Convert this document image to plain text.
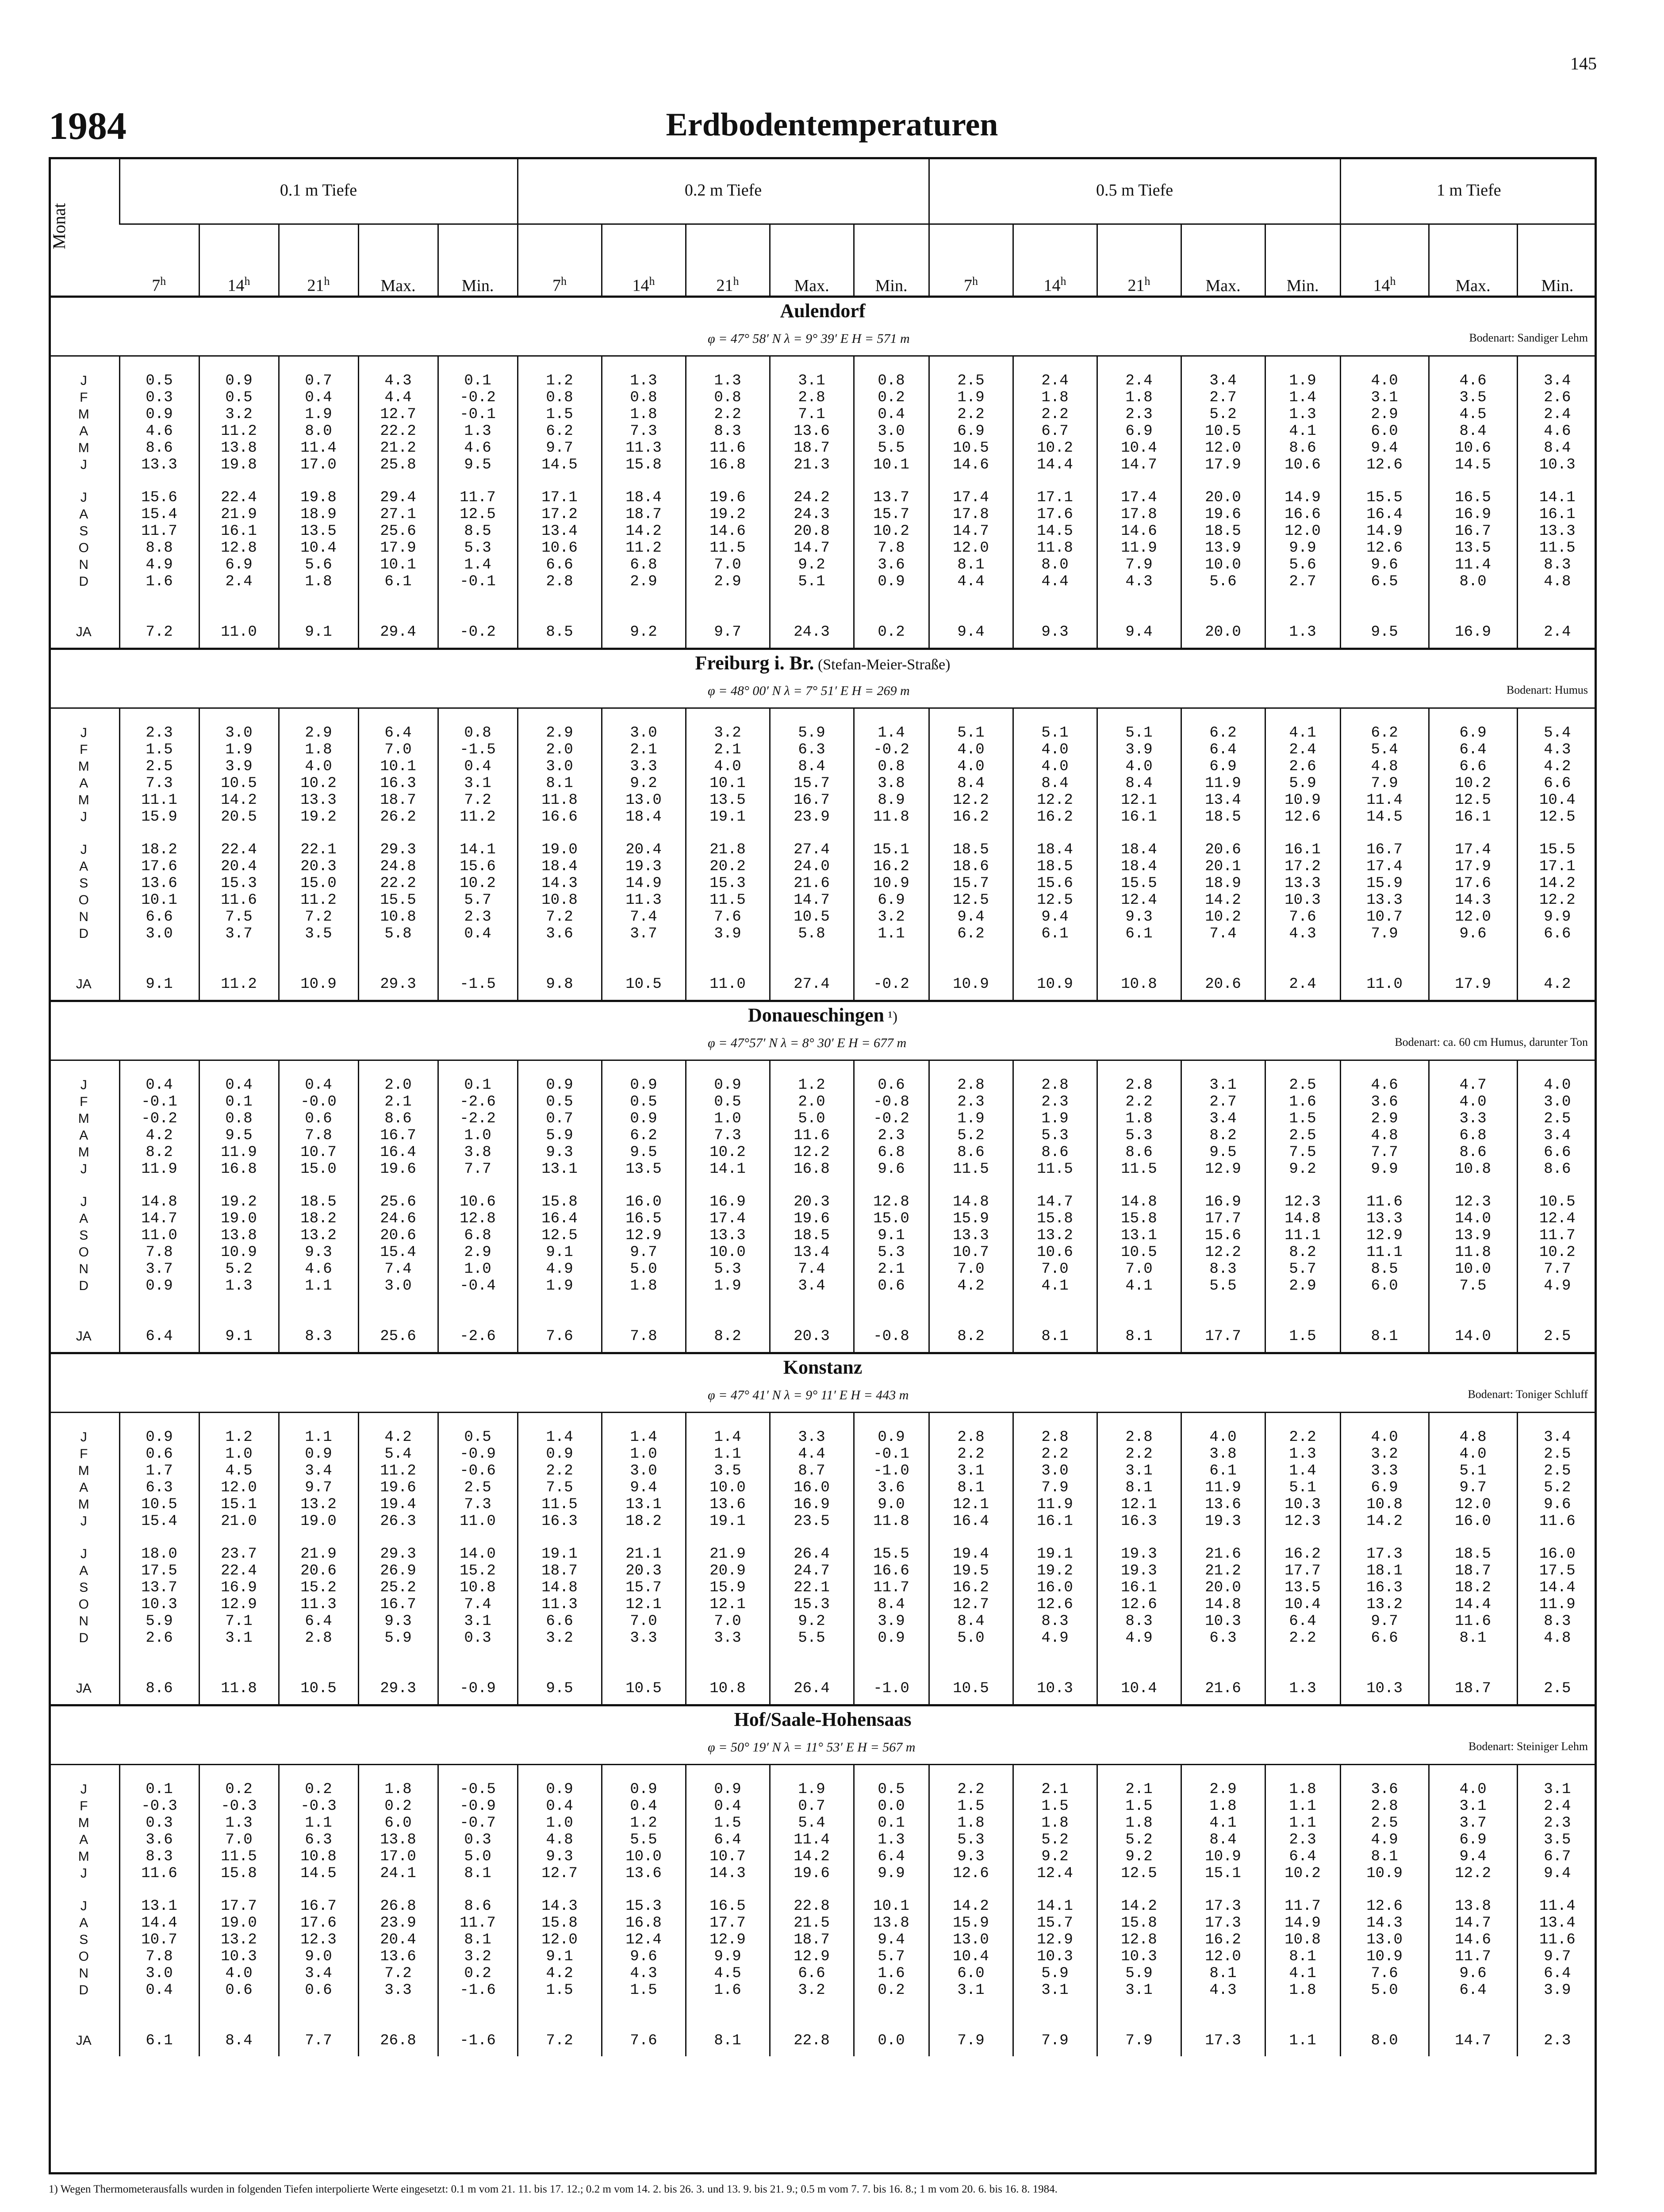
145
1984	Erdbodentemperaturen
Monat	0.1 m Tiefe					0.2 m Tiefe					0.5 m Tiefe					1 m Tiefe		
	7$^h$	14$^h$	21$^h$	Max.	Min.	7$^h$	14$^h$	21$^h$	Max.	Min.	7$^h$	14$^h$	21$^h$	Max.	Min.	14$^h$	Max.	Min.

Aulendorf
φ = 47° 58′ N λ = 9° 39′ E H = 571 m Bodenart: Sandiger Lehm																		

J	0.5	0.9	0.7	4.3	0.1	1.2	1.3	1.3	3.1	0.8	2.5	2.4	2.4	3.4	1.9	4.0	4.6	3.4
F	0.3	0.5	0.4	4.4	-0.2	0.8	0.8	0.8	2.8	0.2	1.9	1.8	1.8	2.7	1.4	3.1	3.5	2.6
M	0.9	3.2	1.9	12.7	-0.1	1.5	1.8	2.2	7.1	0.4	2.2	2.2	2.3	5.2	1.3	2.9	4.5	2.4
A	4.6	11.2	8.0	22.2	1.3	6.2	7.3	8.3	13.6	3.0	6.9	6.7	6.9	10.5	4.1	6.0	8.4	4.6
M	8.6	13.8	11.4	21.2	4.6	9.7	11.3	11.6	18.7	5.5	10.5	10.2	10.4	12.0	8.6	9.4	10.6	8.4
J	13.3	19.8	17.0	25.8	9.5	14.5	15.8	16.8	21.3	10.1	14.6	14.4	14.7	17.9	10.6	12.6	14.5	10.3

J	15.6	22.4	19.8	29.4	11.7	17.1	18.4	19.6	24.2	13.7	17.4	17.1	17.4	20.0	14.9	15.5	16.5	14.1
A	15.4	21.9	18.9	27.1	12.5	17.2	18.7	19.2	24.3	15.7	17.8	17.6	17.8	19.6	16.6	16.4	16.9	16.1
S	11.7	16.1	13.5	25.6	8.5	13.4	14.2	14.6	20.8	10.2	14.7	14.5	14.6	18.5	12.0	14.9	16.7	13.3
O	8.8	12.8	10.4	17.9	5.3	10.6	11.2	11.5	14.7	7.8	12.0	11.8	11.9	13.9	9.9	12.6	13.5	11.5
N	4.9	6.9	5.6	10.1	1.4	6.6	6.8	7.0	9.2	3.6	8.1	8.0	7.9	10.0	5.6	9.6	11.4	8.3
D	1.6	2.4	1.8	6.1	-0.1	2.8	2.9	2.9	5.1	0.9	4.4	4.4	4.3	5.6	2.7	6.5	8.0	4.8

JA	7.2	11.0	9.1	29.4	-0.2	8.5	9.2	9.7	24.3	0.2	9.4	9.3	9.4	20.0	1.3	9.5	16.9	2.4

Freiburg i. Br. (Stefan-Meier-Straße)
φ = 48° 00′ N λ = 7° 51′ E H = 269 m Bodenart: Humus																		

J	2.3	3.0	2.9	6.4	0.8	2.9	3.0	3.2	5.9	1.4	5.1	5.1	5.1	6.2	4.1	6.2	6.9	5.4
F	1.5	1.9	1.8	7.0	-1.5	2.0	2.1	2.1	6.3	-0.2	4.0	4.0	3.9	6.4	2.4	5.4	6.4	4.3
M	2.5	3.9	4.0	10.1	0.4	3.0	3.3	4.0	8.4	0.8	4.0	4.0	4.0	6.9	2.6	4.8	6.6	4.2
A	7.3	10.5	10.2	16.3	3.1	8.1	9.2	10.1	15.7	3.8	8.4	8.4	8.4	11.9	5.9	7.9	10.2	6.6
M	11.1	14.2	13.3	18.7	7.2	11.8	13.0	13.5	16.7	8.9	12.2	12.2	12.1	13.4	10.9	11.4	12.5	10.4
J	15.9	20.5	19.2	26.2	11.2	16.6	18.4	19.1	23.9	11.8	16.2	16.2	16.1	18.5	12.6	14.5	16.1	12.5

J	18.2	22.4	22.1	29.3	14.1	19.0	20.4	21.8	27.4	15.1	18.5	18.4	18.4	20.6	16.1	16.7	17.4	15.5
A	17.6	20.4	20.3	24.8	15.6	18.4	19.3	20.2	24.0	16.2	18.6	18.5	18.4	20.1	17.2	17.4	17.9	17.1
S	13.6	15.3	15.0	22.2	10.2	14.3	14.9	15.3	21.6	10.9	15.7	15.6	15.5	18.9	13.3	15.9	17.6	14.2
O	10.1	11.6	11.2	15.5	5.7	10.8	11.3	11.5	14.7	6.9	12.5	12.5	12.4	14.2	10.3	13.3	14.3	12.2
N	6.6	7.5	7.2	10.8	2.3	7.2	7.4	7.6	10.5	3.2	9.4	9.4	9.3	10.2	7.6	10.7	12.0	9.9
D	3.0	3.7	3.5	5.8	0.4	3.6	3.7	3.9	5.8	1.1	6.2	6.1	6.1	7.4	4.3	7.9	9.6	6.6

JA	9.1	11.2	10.9	29.3	-1.5	9.8	10.5	11.0	27.4	-0.2	10.9	10.9	10.8	20.6	2.4	11.0	17.9	4.2

Donaueschingen ¹)
φ = 47°57′ N λ = 8° 30′ E H = 677 m Bodenart: ca. 60 cm Humus, darunter Ton																		

J	0.4	0.4	0.4	2.0	0.1	0.9	0.9	0.9	1.2	0.6	2.8	2.8	2.8	3.1	2.5	4.6	4.7	4.0
F	-0.1	0.1	-0.0	2.1	-2.6	0.5	0.5	0.5	2.0	-0.8	2.3	2.3	2.2	2.7	1.6	3.6	4.0	3.0
M	-0.2	0.8	0.6	8.6	-2.2	0.7	0.9	1.0	5.0	-0.2	1.9	1.9	1.8	3.4	1.5	2.9	3.3	2.5
A	4.2	9.5	7.8	16.7	1.0	5.9	6.2	7.3	11.6	2.3	5.2	5.3	5.3	8.2	2.5	4.8	6.8	3.4
M	8.2	11.9	10.7	16.4	3.8	9.3	9.5	10.2	12.2	6.8	8.6	8.6	8.6	9.5	7.5	7.7	8.6	6.6
J	11.9	16.8	15.0	19.6	7.7	13.1	13.5	14.1	16.8	9.6	11.5	11.5	11.5	12.9	9.2	9.9	10.8	8.6

J	14.8	19.2	18.5	25.6	10.6	15.8	16.0	16.9	20.3	12.8	14.8	14.7	14.8	16.9	12.3	11.6	12.3	10.5
A	14.7	19.0	18.2	24.6	12.8	16.4	16.5	17.4	19.6	15.0	15.9	15.8	15.8	17.7	14.8	13.3	14.0	12.4
S	11.0	13.8	13.2	20.6	6.8	12.5	12.9	13.3	18.5	9.1	13.3	13.2	13.1	15.6	11.1	12.9	13.9	11.7
O	7.8	10.9	9.3	15.4	2.9	9.1	9.7	10.0	13.4	5.3	10.7	10.6	10.5	12.2	8.2	11.1	11.8	10.2
N	3.7	5.2	4.6	7.4	1.0	4.9	5.0	5.3	7.4	2.1	7.0	7.0	7.0	8.3	5.7	8.5	10.0	7.7
D	0.9	1.3	1.1	3.0	-0.4	1.9	1.8	1.9	3.4	0.6	4.2	4.1	4.1	5.5	2.9	6.0	7.5	4.9

JA	6.4	9.1	8.3	25.6	-2.6	7.6	7.8	8.2	20.3	-0.8	8.2	8.1	8.1	17.7	1.5	8.1	14.0	2.5

Konstanz
φ = 47° 41′ N λ = 9° 11′ E H = 443 m Bodenart: Toniger Schluff																		

J	0.9	1.2	1.1	4.2	0.5	1.4	1.4	1.4	3.3	0.9	2.8	2.8	2.8	4.0	2.2	4.0	4.8	3.4
F	0.6	1.0	0.9	5.4	-0.9	0.9	1.0	1.1	4.4	-0.1	2.2	2.2	2.2	3.8	1.3	3.2	4.0	2.5
M	1.7	4.5	3.4	11.2	-0.6	2.2	3.0	3.5	8.7	-1.0	3.1	3.0	3.1	6.1	1.4	3.3	5.1	2.5
A	6.3	12.0	9.7	19.6	2.5	7.5	9.4	10.0	16.0	3.6	8.1	7.9	8.1	11.9	5.1	6.9	9.7	5.2
M	10.5	15.1	13.2	19.4	7.3	11.5	13.1	13.6	16.9	9.0	12.1	11.9	12.1	13.6	10.3	10.8	12.0	9.6
J	15.4	21.0	19.0	26.3	11.0	16.3	18.2	19.1	23.5	11.8	16.4	16.1	16.3	19.3	12.3	14.2	16.0	11.6

J	18.0	23.7	21.9	29.3	14.0	19.1	21.1	21.9	26.4	15.5	19.4	19.1	19.3	21.6	16.2	17.3	18.5	16.0
A	17.5	22.4	20.6	26.9	15.2	18.7	20.3	20.9	24.7	16.6	19.5	19.2	19.3	21.2	17.7	18.1	18.7	17.5
S	13.7	16.9	15.2	25.2	10.8	14.8	15.7	15.9	22.1	11.7	16.2	16.0	16.1	20.0	13.5	16.3	18.2	14.4
O	10.3	12.9	11.3	16.7	7.4	11.3	12.1	12.1	15.3	8.4	12.7	12.6	12.6	14.8	10.4	13.2	14.4	11.9
N	5.9	7.1	6.4	9.3	3.1	6.6	7.0	7.0	9.2	3.9	8.4	8.3	8.3	10.3	6.4	9.7	11.6	8.3
D	2.6	3.1	2.8	5.9	0.3	3.2	3.3	3.3	5.5	0.9	5.0	4.9	4.9	6.3	2.2	6.6	8.1	4.8

JA	8.6	11.8	10.5	29.3	-0.9	9.5	10.5	10.8	26.4	-1.0	10.5	10.3	10.4	21.6	1.3	10.3	18.7	2.5

Hof/Saale-Hohensaas
φ = 50° 19′ N λ = 11° 53′ E H = 567 m Bodenart: Steiniger Lehm																		

J	0.1	0.2	0.2	1.8	-0.5	0.9	0.9	0.9	1.9	0.5	2.2	2.1	2.1	2.9	1.8	3.6	4.0	3.1
F	-0.3	-0.3	-0.3	0.2	-0.9	0.4	0.4	0.4	0.7	0.0	1.5	1.5	1.5	1.8	1.1	2.8	3.1	2.4
M	0.3	1.3	1.1	6.0	-0.7	1.0	1.2	1.5	5.4	0.1	1.8	1.8	1.8	4.1	1.1	2.5	3.7	2.3
A	3.6	7.0	6.3	13.8	0.3	4.8	5.5	6.4	11.4	1.3	5.3	5.2	5.2	8.4	2.3	4.9	6.9	3.5
M	8.3	11.5	10.8	17.0	5.0	9.3	10.0	10.7	14.2	6.4	9.3	9.2	9.2	10.9	6.4	8.1	9.4	6.7
J	11.6	15.8	14.5	24.1	8.1	12.7	13.6	14.3	19.6	9.9	12.6	12.4	12.5	15.1	10.2	10.9	12.2	9.4

J	13.1	17.7	16.7	26.8	8.6	14.3	15.3	16.5	22.8	10.1	14.2	14.1	14.2	17.3	11.7	12.6	13.8	11.4
A	14.4	19.0	17.6	23.9	11.7	15.8	16.8	17.7	21.5	13.8	15.9	15.7	15.8	17.3	14.9	14.3	14.7	13.4
S	10.7	13.2	12.3	20.4	8.1	12.0	12.4	12.9	18.7	9.4	13.0	12.9	12.8	16.2	10.8	13.0	14.6	11.6
O	7.8	10.3	9.0	13.6	3.2	9.1	9.6	9.9	12.9	5.7	10.4	10.3	10.3	12.0	8.1	10.9	11.7	9.7
N	3.0	4.0	3.4	7.2	0.2	4.2	4.3	4.5	6.6	1.6	6.0	5.9	5.9	8.1	4.1	7.6	9.6	6.4
D	0.4	0.6	0.6	3.3	-1.6	1.5	1.5	1.6	3.2	0.2	3.1	3.1	3.1	4.3	1.8	5.0	6.4	3.9

JA	6.1	8.4	7.7	26.8	-1.6	7.2	7.6	8.1	22.8	0.0	7.9	7.9	7.9	17.3	1.1	8.0	14.7	2.3
1) Wegen Thermometerausfalls wurden in folgenden Tiefen interpolierte Werte eingesetzt: 0.1 m vom 21. 11. bis 17. 12.; 0.2 m vom 14. 2. bis 26. 3. und 13. 9. bis 21. 9.; 0.5 m vom 7. 7. bis 16. 8.; 1 m vom 20. 6. bis 16. 8. 1984.
